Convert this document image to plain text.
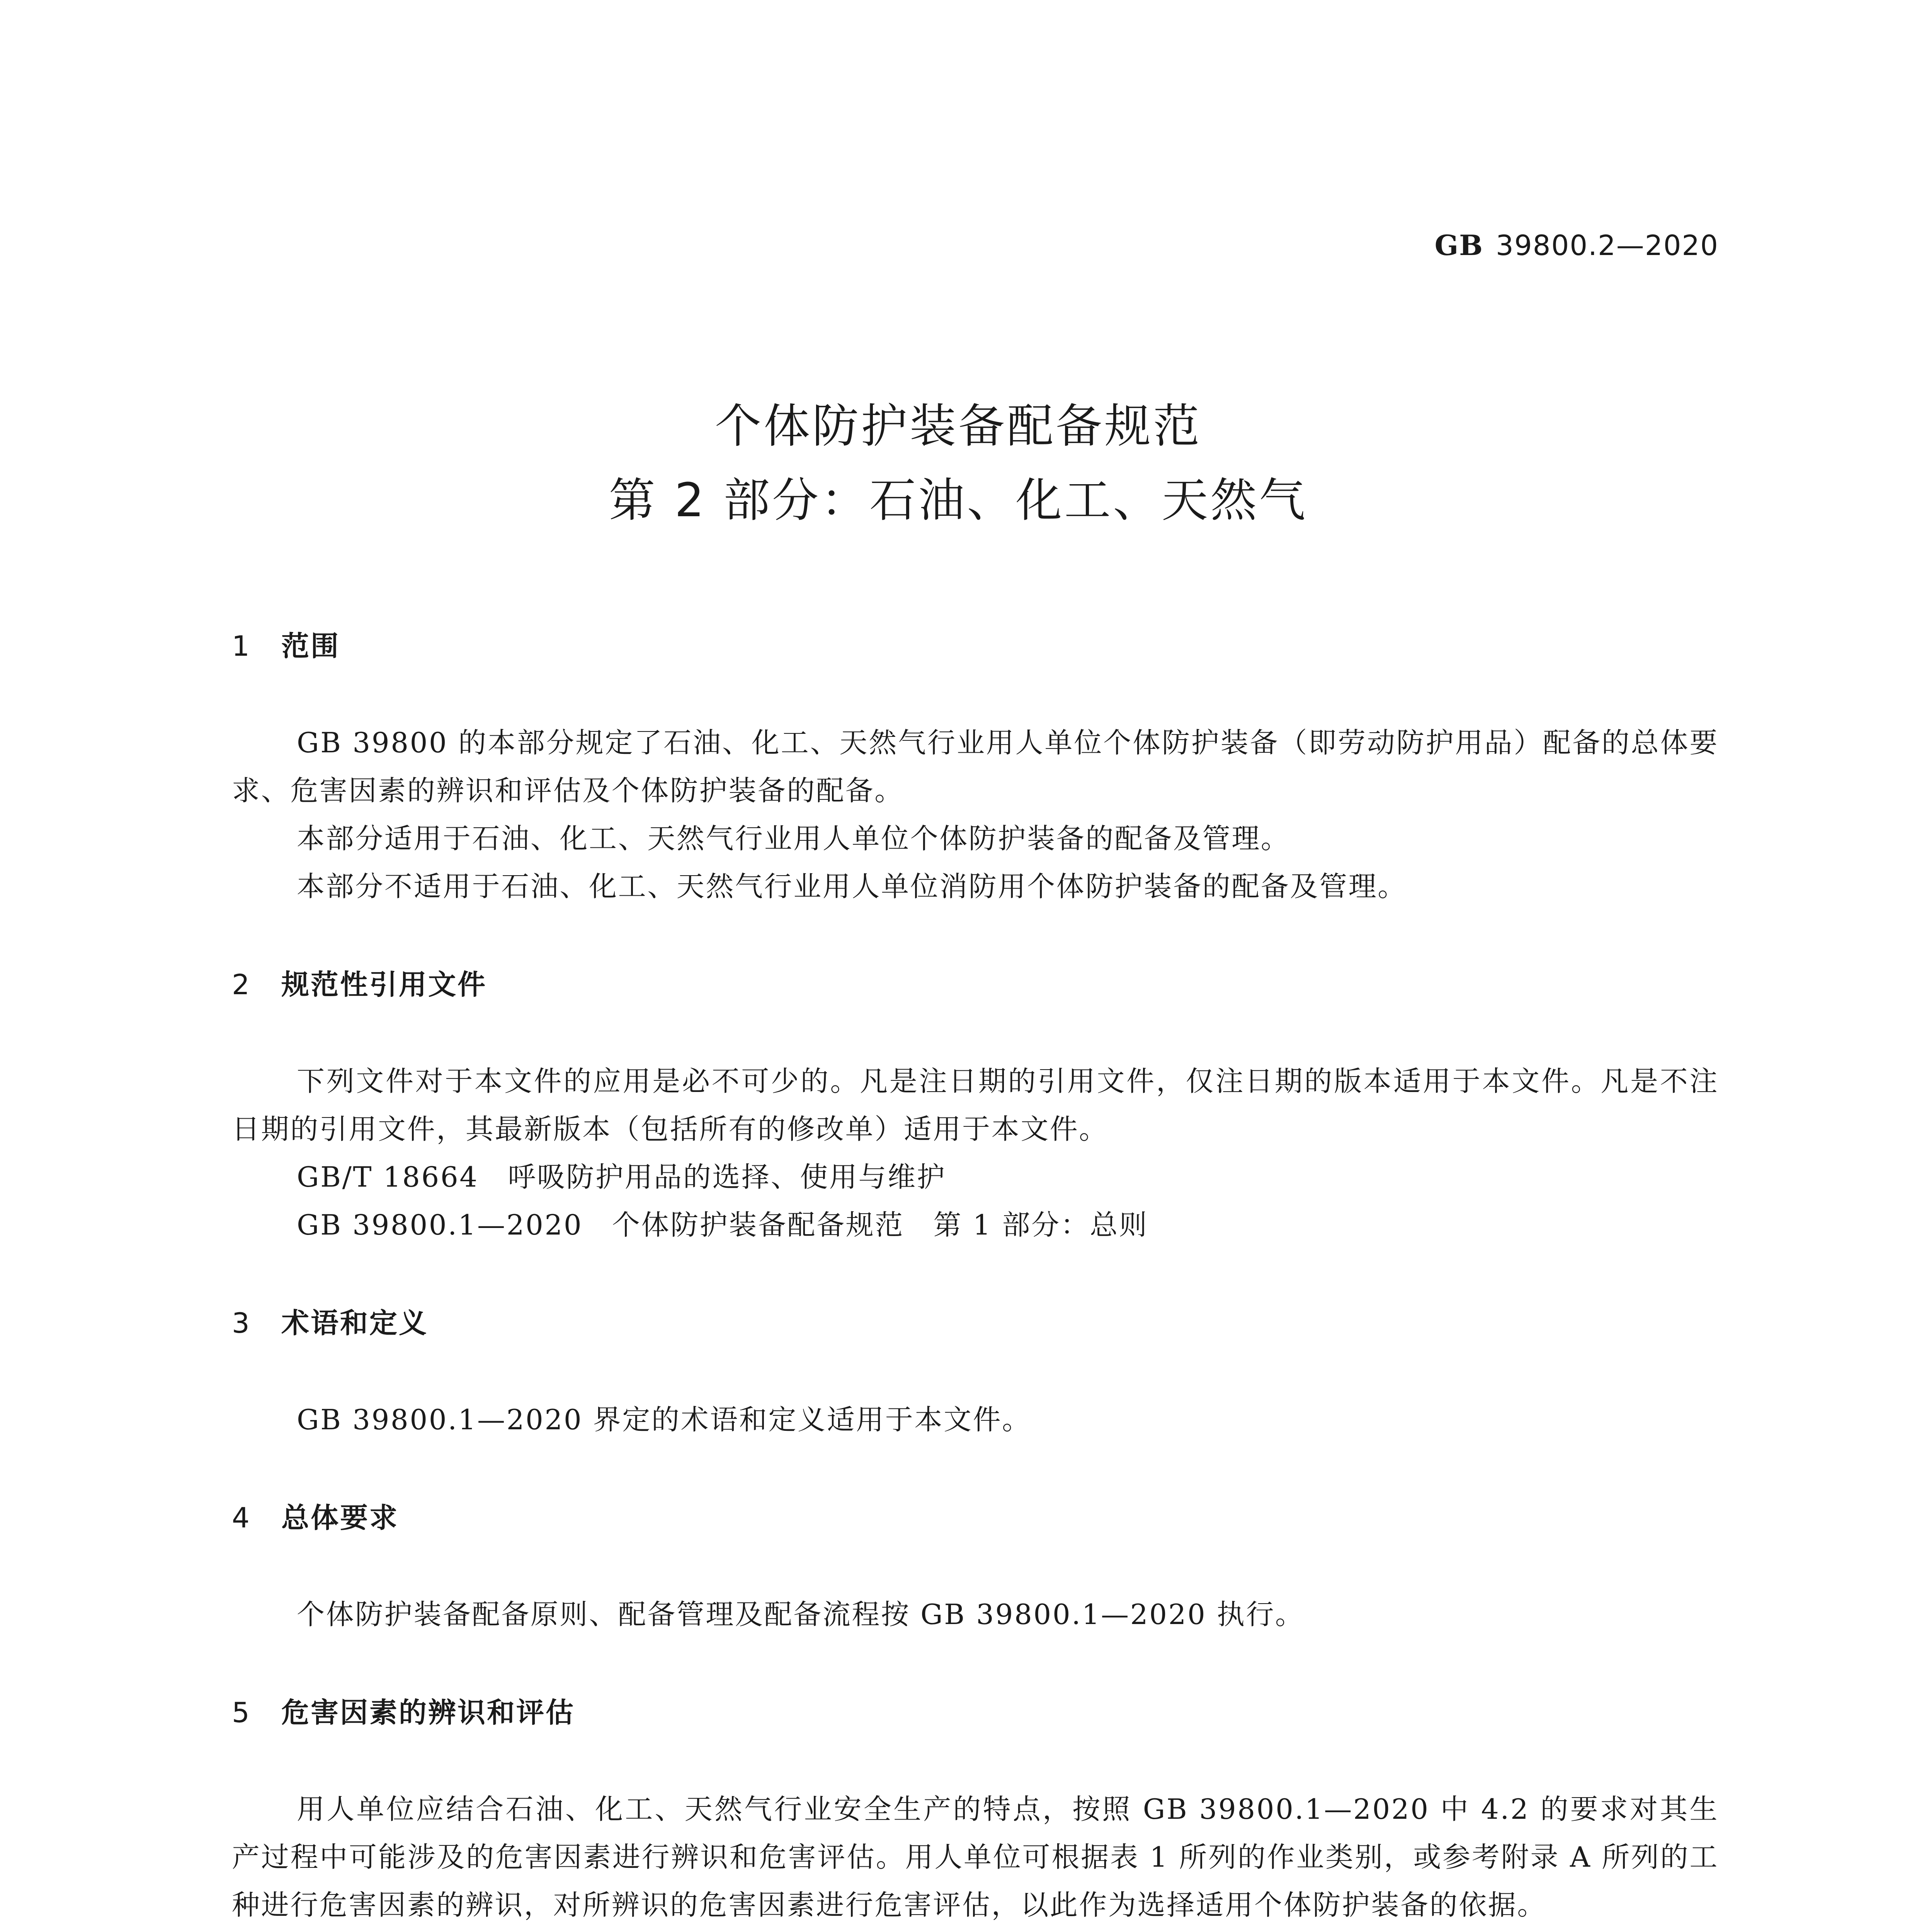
GB 39800.2—2020
个体防护装备配备规范
第 2 部分：石油、化工、天然气
1	范围

GB 39800 的本部分规定了石油、化工、天然气行业用人单位个体防护装备（即劳动防护用品）配备的总体要求、危害因素的辨识和评估及个体防护装备的配备。

本部分适用于石油、化工、天然气行业用人单位个体防护装备的配备及管理。

本部分不适用于石油、化工、天然气行业用人单位消防用个体防护装备的配备及管理。

2	规范性引用文件

下列文件对于本文件的应用是必不可少的。凡是注日期的引用文件，仅注日期的版本适用于本文件。凡是不注日期的引用文件，其最新版本（包括所有的修改单）适用于本文件。

GB/T 18664　呼吸防护用品的选择、使用与维护
GB 39800.1—2020　个体防护装备配备规范　第 1 部分：总则
3	术语和定义

GB 39800.1—2020 界定的术语和定义适用于本文件。

4	总体要求

个体防护装备配备原则、配备管理及配备流程按 GB 39800.1—2020 执行。

5	危害因素的辨识和评估

用人单位应结合石油、化工、天然气行业安全生产的特点，按照 GB 39800.1—2020 中 4.2 的要求对其生产过程中可能涉及的危害因素进行辨识和危害评估。用人单位可根据表 1 所列的作业类别，或参考附录 A 所列的工种进行危害因素的辨识，对所辨识的危害因素进行危害评估，以此作为选择适用个体防护装备的依据。
